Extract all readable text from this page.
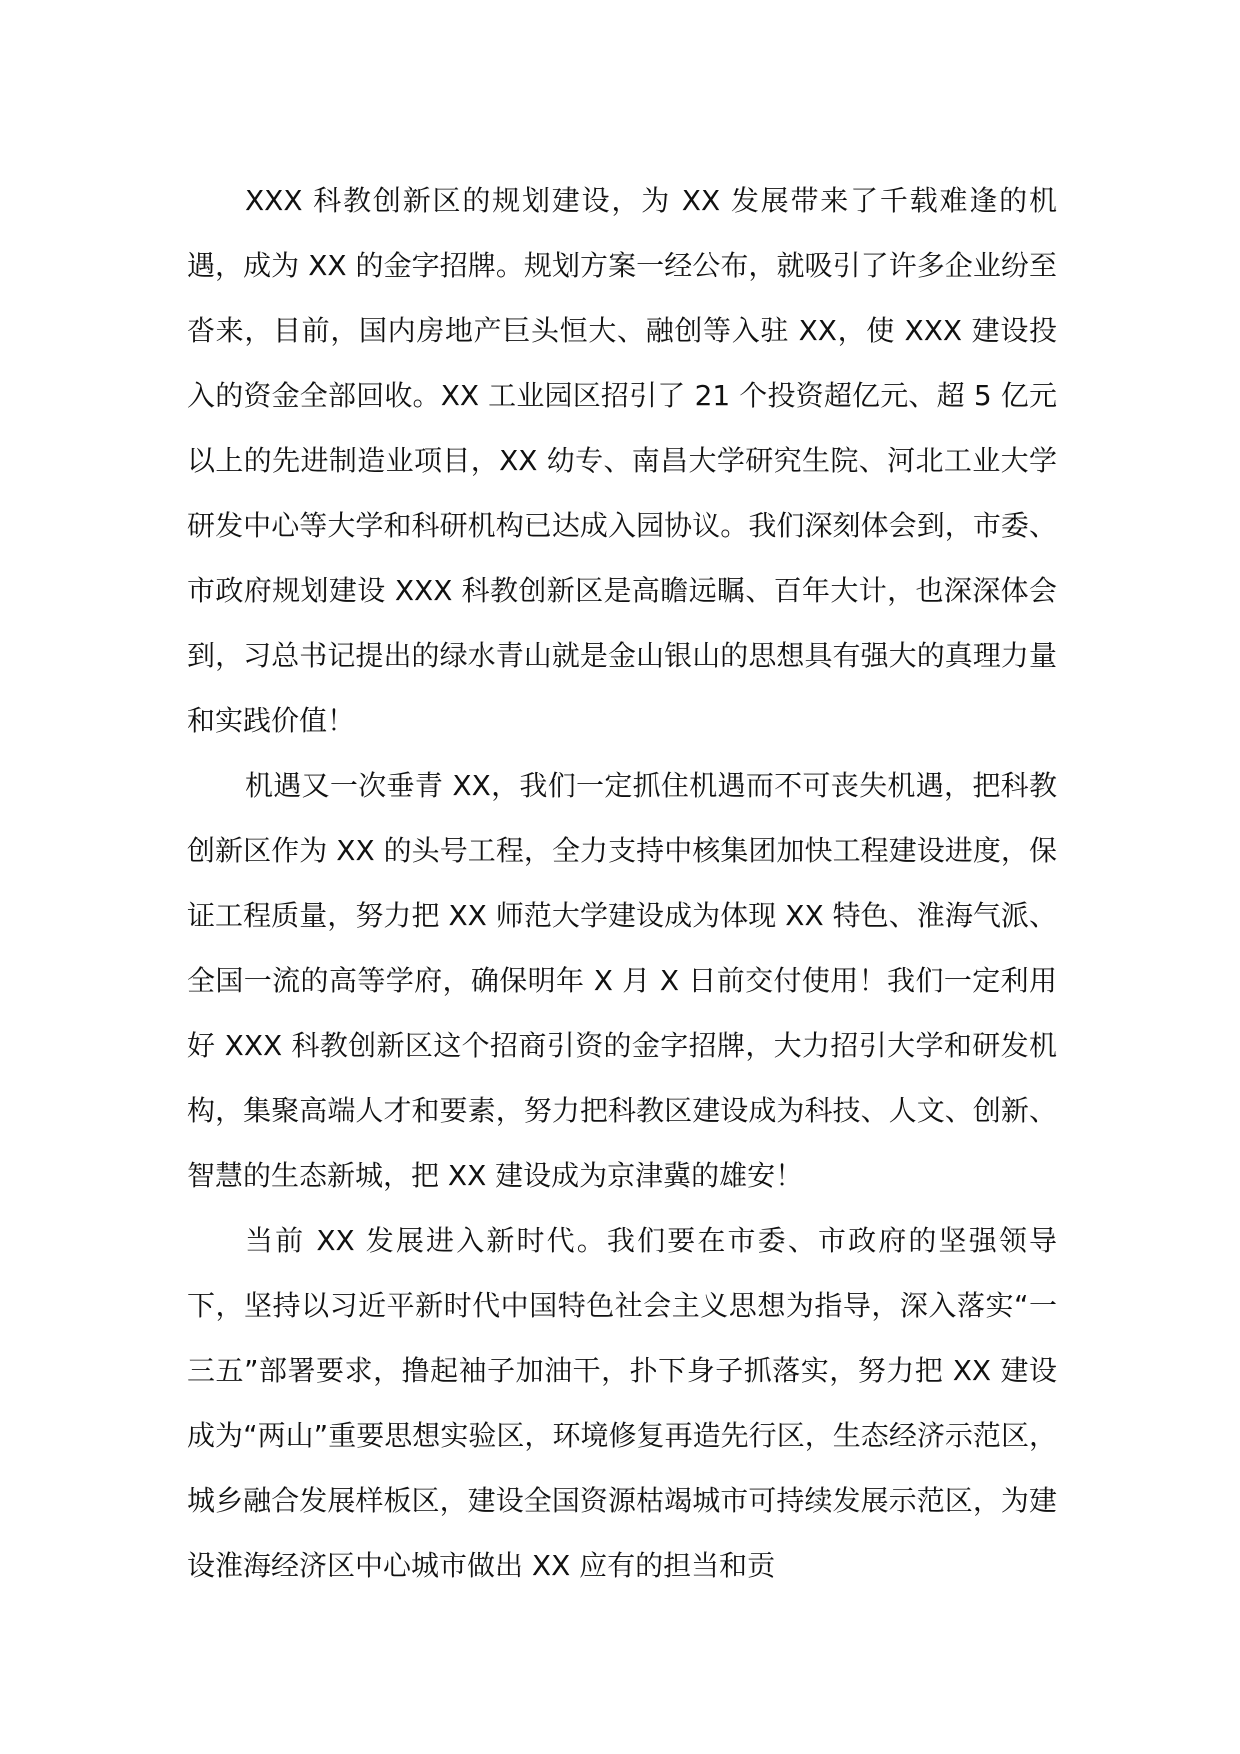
XXX 科教创新区的规划建设，为 XX 发展带来了千载难逢的机遇，成为 XX 的金字招牌。规划方案一经公布，就吸引了许多企业纷至沓来，目前，国内房地产巨头恒大、融创等入驻 XX，使 XXX 建设投入的资金全部回收。XX 工业园区招引了 21 个投资超亿元、超 5 亿元以上的先进制造业项目，XX 幼专、南昌大学研究生院、河北工业大学研发中心等大学和科研机构已达成入园协议。我们深刻体会到，市委、市政府规划建设 XXX 科教创新区是高瞻远瞩、百年大计，也深深体会到，习总书记提出的绿水青山就是金山银山的思想具有强大的真理力量和实践价值！

机遇又一次垂青 XX，我们一定抓住机遇而不可丧失机遇，把科教创新区作为 XX 的头号工程，全力支持中核集团加快工程建设进度，保证工程质量，努力把 XX 师范大学建设成为体现 XX 特色、淮海气派、全国一流的高等学府，确保明年 X 月 X 日前交付使用！我们一定利用好 XXX 科教创新区这个招商引资的金字招牌，大力招引大学和研发机构，集聚高端人才和要素，努力把科教区建设成为科技、人文、创新、智慧的生态新城，把 XX 建设成为京津冀的雄安！

当前 XX 发展进入新时代。我们要在市委、市政府的坚强领导下，坚持以习近平新时代中国特色社会主义思想为指导，深入落实“一三五”部署要求，撸起袖子加油干，扑下身子抓落实，努力把 XX 建设成为“两山”重要思想实验区，环境修复再造先行区，生态经济示范区，城乡融合发展样板区，建设全国资源枯竭城市可持续发展示范区，为建设淮海经济区中心城市做出 XX 应有的担当和贡
